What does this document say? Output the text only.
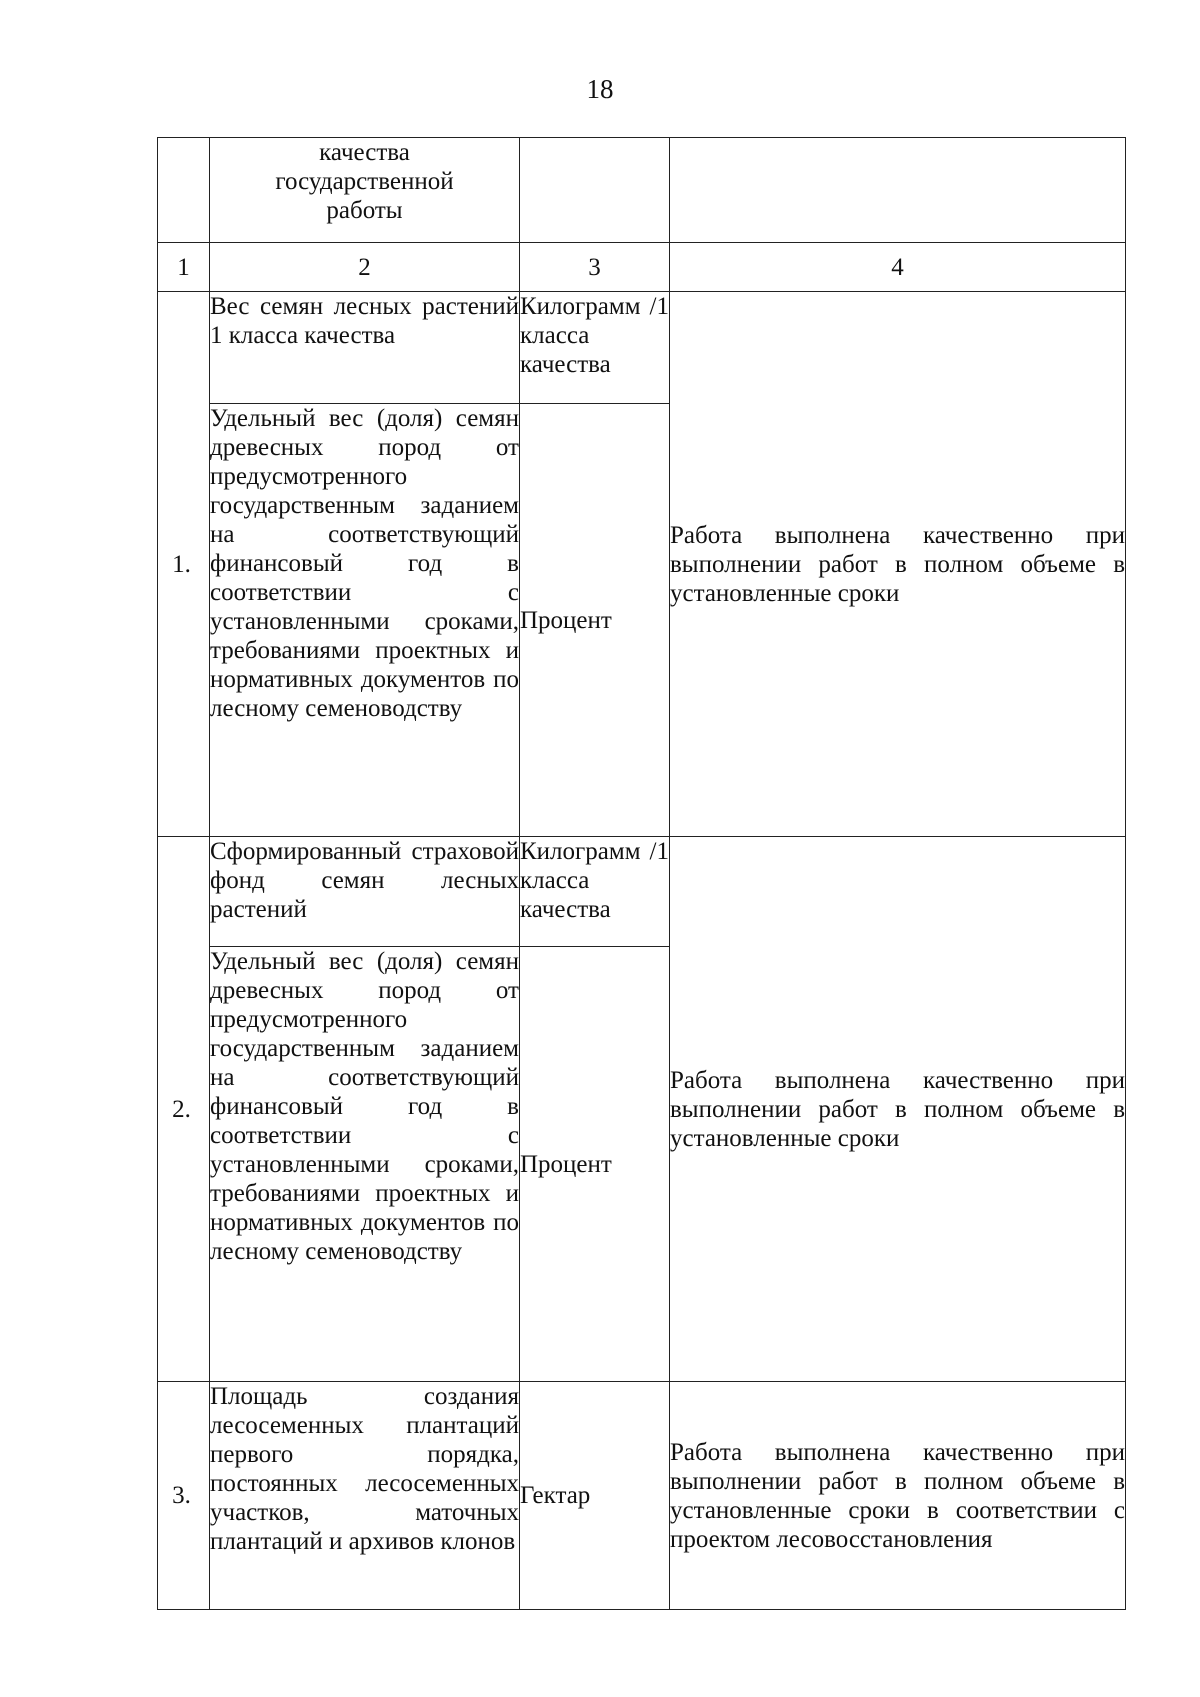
18

	качества
государственной
работы		

1	2	3	4
1.	Вес семян лесных растений 1 класса качества	Килограмм /1 класса качества	Работа выполнена качественно при выполнении работ в полном объеме в установленные сроки
	Удельный вес (доля) семян древесных пород от предусмотренного государственным заданием на соответствующий финансовый год в соответствии с установленными сроками, требованиями проектных и нормативных документов по лесному семеноводству	Процент	
2.	Сформированный страховой фонд семян лесных растений	Килограмм /1 класса качества	Работа выполнена качественно при выполнении работ в полном объеме в установленные сроки
	Удельный вес (доля) семян древесных пород от предусмотренного государственным заданием на соответствующий финансовый год в соответствии с установленными сроками, требованиями проектных и нормативных документов по лесному семеноводству	Процент	
3.	Площадь создания лесосеменных плантаций первого порядка, постоянных лесосеменных участков, маточных плантаций и архивов клонов	Гектар	Работа выполнена качественно при выполнении работ в полном объеме в установленные сроки в соответствии с проектом лесовосстановления
